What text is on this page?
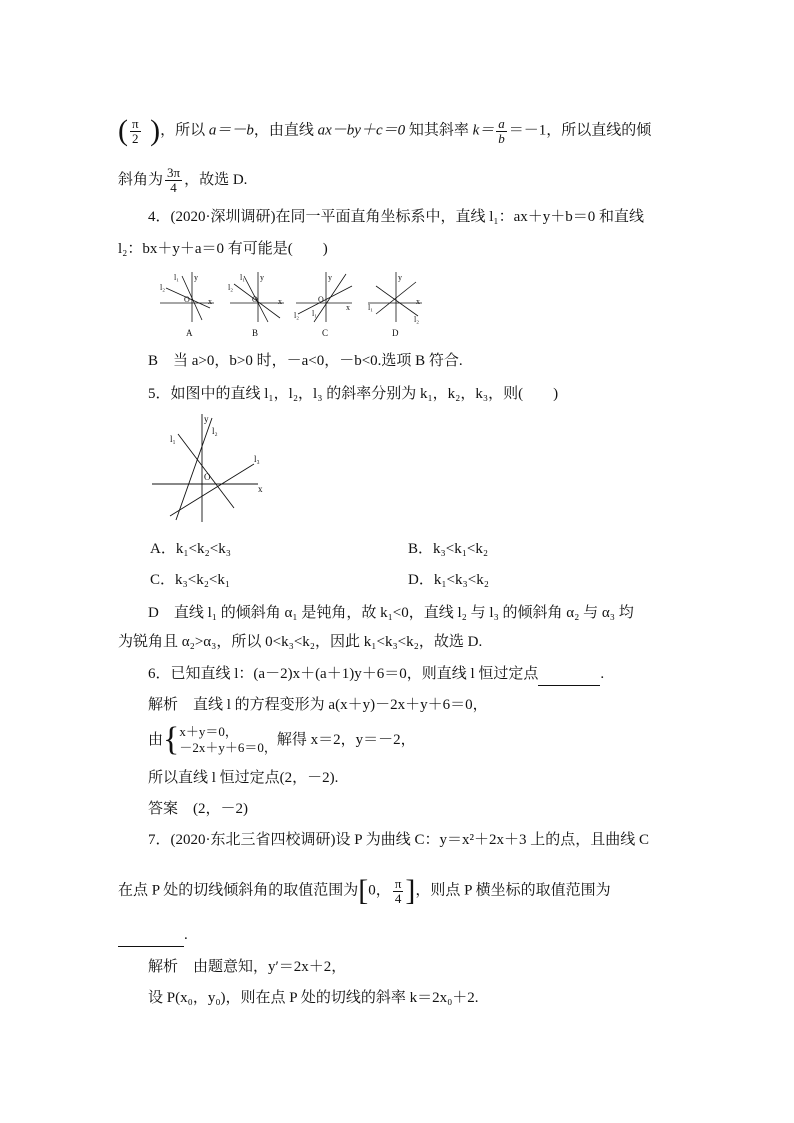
( $\frac{\pi}{2}$ )，所以 a＝－b，由直线 ax－by＋c＝0 知其斜率 $k= \frac{a}{b} =-1$，所以直线的倾
斜角为 $\frac{3\pi}{4}$ ，故选 D.
4．(2020·深圳调研)在同一平面直角坐标系中，直线 l₁：ax＋y＋b＝0 和直线
l₂：bx＋y＋a＝0 有可能是(　　)
l₁ y
l₂
O x
A
l₁ y
l₂
O	x
B
y
l₂ l₁
O
x
C
y
l₁
l₂
x
D
B　当 a>0，b>0 时，－a<0，－b<0.选项 B 符合.
5．如图中的直线 l₁，l₂，l₃ 的斜率分别为 k₁，k₂，k₃，则(　　)
y
l₁
l₂
l₃
O
x
A．k₁<k₂<k₃	B．k₃<k₁<k₂
C．k₃<k₂<k₁	D．k₁<k₃<k₂
D　直线 l₁ 的倾斜角 α₁ 是钝角，故 k₁<0，直线 l₂ 与 l₃ 的倾斜角 α₂ 与 α₃ 均
为锐角且 α₂>α₃，所以 0<k₃<k₂，因此 k₁<k₃<k₂，故选 D.
6．已知直线 l：(a－2)x＋(a＋1)y＋6＝0，则直线 l 恒过定点	.
解析　直线 l 的方程变形为 a(x＋y)－2x＋y＋6＝0，
由{ x＋y＝0，
－2x＋y＋6＝0， 解得 x＝2，y＝－2，
所以直线 l 恒过定点(2，－2).
答案　(2，－2)
7．(2020·东北三省四校调研)设 P 为曲线 C：y＝x²＋2x＋3 上的点，且曲线 C
在点 P 处的切线倾斜角的取值范围为[0， $\frac{\pi}{4}$ ]，则点 P 横坐标的取值范围为
.
解析　由题意知，y′＝2x＋2，
设 P(x₀，y₀)，则在点 P 处的切线的斜率 k＝2x₀＋2.
